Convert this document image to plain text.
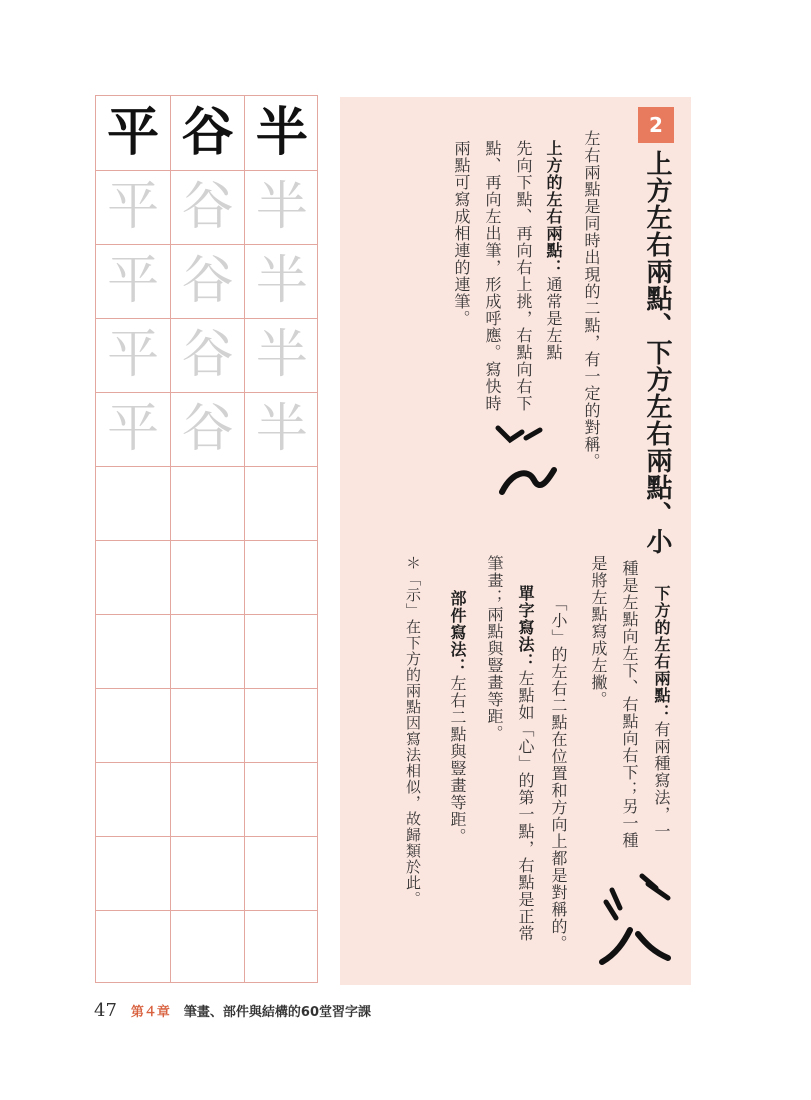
平 谷 半
平 谷 半
平 谷 半
平 谷 半
平 谷 半
2
上方左右兩點、下方左右兩點、小
左右兩點是同時出現的二點，有一定的對稱。
上方的左右兩點：通常是左點
先向下點、再向右上挑，右點向右下
點、再向左出筆，形成呼應。寫快時
兩點可寫成相連的連筆。
下方的左右兩點：有兩種寫法，一
種是左點向左下、右點向右下；另一種
是將左點寫成左撇。
「小」的左右二點在位置和方向上都是對稱的。
單字寫法：左點如「心」的第一點，右點是正常
筆畫；兩點與豎畫等距。
部件寫法：左右二點與豎畫等距。
＊「示」在下方的兩點因寫法相似，故歸類於此。
47 第４章 筆畫、部件與結構的60堂習字課
